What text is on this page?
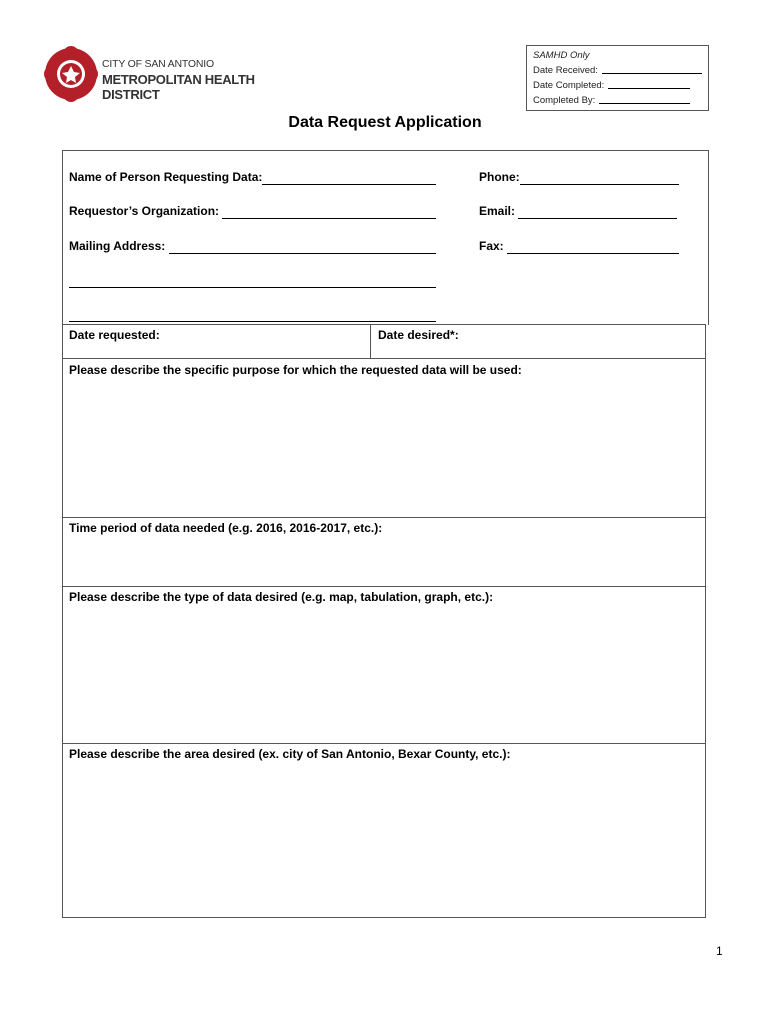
CITY OF SAN ANTONIO
METROPOLITAN HEALTH DISTRICT
SAMHD Only
Date Received:
Date Completed:
Completed By:
Data Request Application
Name of Person Requesting Data:	Phone:
Requestor’s Organization:	Email:
Mailing Address:	Fax:
Date requested:	Date desired*:
Please describe the specific purpose for which the requested data will be used:
Time period of data needed (e.g. 2016, 2016-2017, etc.):
Please describe the type of data desired (e.g. map, tabulation, graph, etc.):
Please describe the area desired (ex. city of San Antonio, Bexar County, etc.):
1
